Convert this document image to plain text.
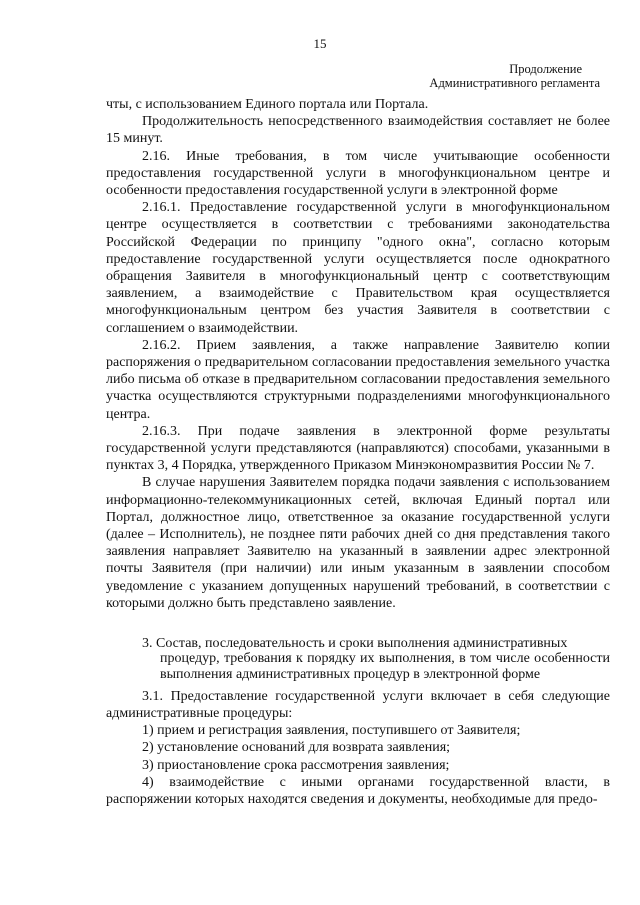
15
Продолжение
Административного регламента

чты, с использованием Единого портала или Портала.

Продолжительность непосредственного взаимодействия составляет не более 15 минут.

2.16. Иные требования, в том числе учитывающие особенности предоставления государственной услуги в многофункциональном центре и особенности предоставления государственной услуги в электронной форме

2.16.1. Предоставление государственной услуги в многофункциональном центре осуществляется в соответствии с требованиями законодательства Российской Федерации по принципу "одного окна", согласно которым предоставление государственной услуги осуществляется после однократного обращения Заявителя в многофункциональный центр с соответствующим заявлением, а взаимодействие с Правительством края осуществляется многофункциональным центром без участия Заявителя в соответствии с соглашением о взаимодействии.

2.16.2. Прием заявления, а также направление Заявителю копии распоряжения о предварительном согласовании предоставления земельного участка либо письма об отказе в предварительном согласовании предоставления земельного участка осуществляются структурными подразделениями многофункционального центра.

2.16.3. При подаче заявления в электронной форме результаты государственной услуги представляются (направляются) способами, указанными в пунктах 3, 4 Порядка, утвержденного Приказом Минэкономразвития России № 7.

В случае нарушения Заявителем порядка подачи заявления с использованием информационно-телекоммуникационных сетей, включая Единый портал или Портал, должностное лицо, ответственное за оказание государственной услуги (далее – Исполнитель), не позднее пяти рабочих дней со дня представления такого заявления направляет Заявителю на указанный в заявлении адрес электронной почты Заявителя (при наличии) или иным указанным в заявлении способом уведомление с указанием допущенных нарушений требований, в соответствии с которыми должно быть представлено заявление.

3. Состав, последовательность и сроки выполнения административных
процедур, требования к порядку их выполнения, в том числе особенности выполнения административных процедур в электронной форме

3.1. Предоставление государственной услуги включает в себя следующие административные процедуры:

1) прием и регистрация заявления, поступившего от Заявителя;

2) установление оснований для возврата заявления;

3) приостановление срока рассмотрения заявления;

4) взаимодействие с иными органами государственной власти, в распоряжении которых находятся сведения и документы, необходимые для предо-
